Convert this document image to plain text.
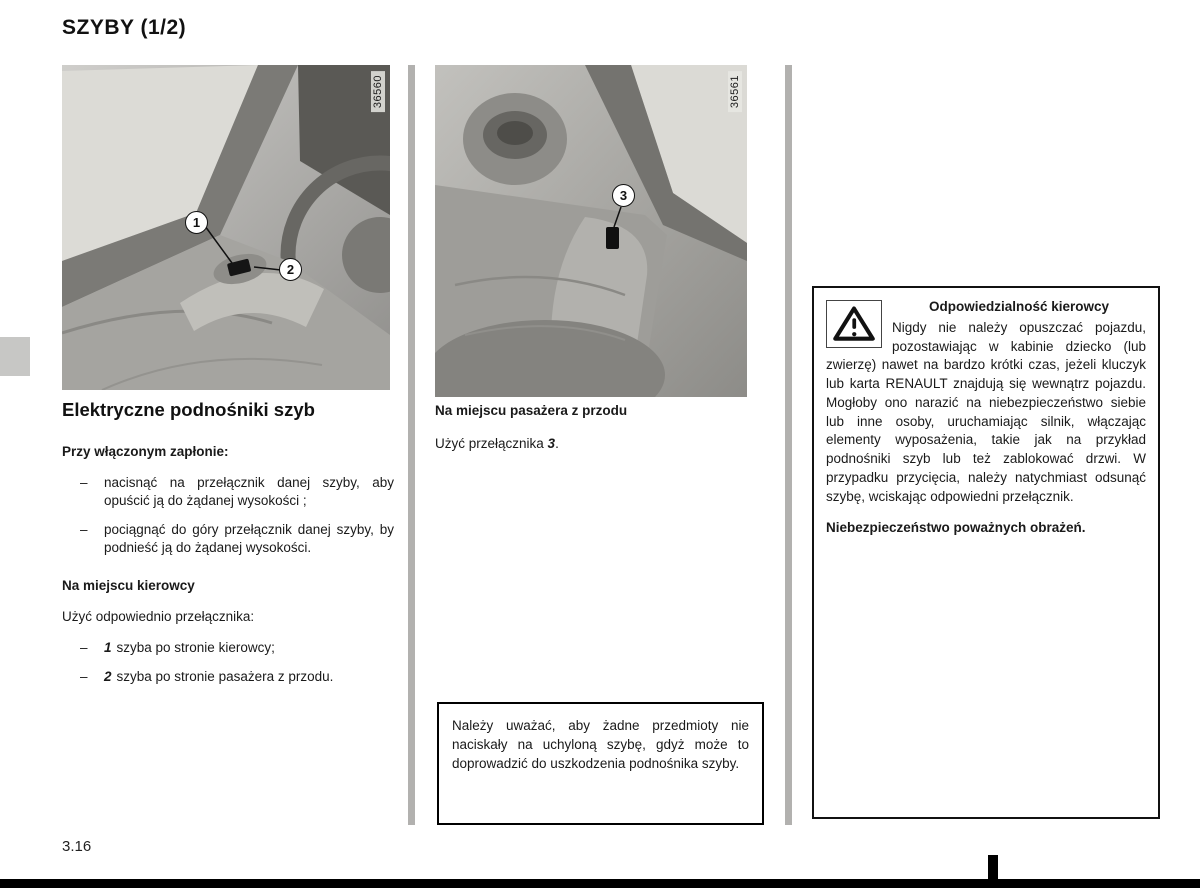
SZYBY (1/2)
36560
1
2
36561
3
Elektryczne podnośniki szyb
Przy włączonym zapłonie:
–	nacisnąć na przełącznik danej szyby, aby opuścić ją do żądanej wysokości ;
–	pociągnąć do góry przełącznik danej szyby, by podnieść ją do żądanej wysokości.
Na miejscu kierowcy
Użyć odpowiednio przełącznika:
–	1 szyba po stronie kierowcy;
–	2 szyba po stronie pasażera z przodu.
Na miejscu pasażera z przodu
Użyć przełącznika 3.
Należy uważać, aby żadne przedmioty nie naciskały na uchyloną szybę, gdyż może to doprowadzić do uszkodzenia podnośnika szyby.
Odpowiedzialność kierowcy
Nigdy nie należy opuszczać pojazdu, pozostawiając w kabinie dziecko (lub zwierzę) nawet na bardzo krótki czas, jeżeli kluczyk lub karta RENAULT znajdują się wewnątrz pojazdu. Mogłoby ono narazić na niebezpieczeństwo siebie lub inne osoby, uruchamiając silnik, włączając elementy wyposażenia, takie jak na przykład podnośniki szyb lub też zablokować drzwi. W przypadku przycięcia, należy natychmiast odsunąć szybę, wciskając odpowiedni przełącznik.
Niebezpieczeństwo poważnych obrażeń.
3.16
